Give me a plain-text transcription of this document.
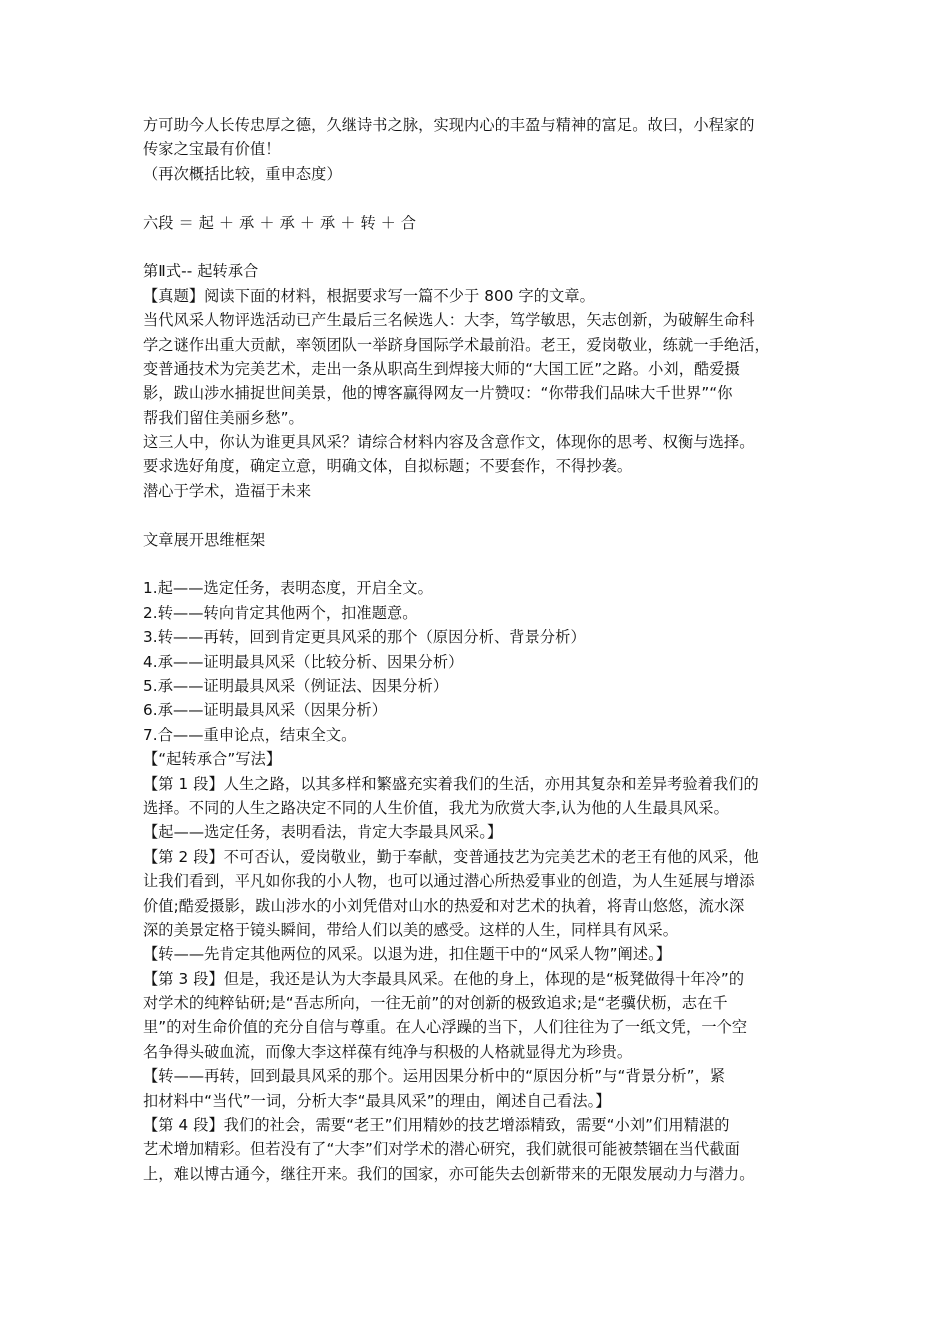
方可助今人长传忠厚之德，久继诗书之脉，实现内心的丰盈与精神的富足。故曰，小程家的
传家之宝最有价值！
（再次概括比较，重申态度）
六段 ＝ 起 ＋ 承 ＋ 承 ＋ 承 ＋ 转 ＋ 合
第Ⅱ式-- 起转承合
【真题】阅读下面的材料，根据要求写一篇不少于 800 字的文章。
当代风采人物评选活动已产生最后三名候选人：大李，笃学敏思，矢志创新，为破解生命科
学之谜作出重大贡献，率领团队一举跻身国际学术最前沿。老王，爱岗敬业，练就一手绝活，
变普通技术为完美艺术，走出一条从职高生到焊接大师的“大国工匠”之路。小刘，酷爱摄
影，跋山涉水捕捉世间美景，他的博客赢得网友一片赞叹：“你带我们品味大千世界”“你
帮我们留住美丽乡愁”。
这三人中，你认为谁更具风采？请综合材料内容及含意作文，体现你的思考、权衡与选择。
要求选好角度，确定立意，明确文体，自拟标题；不要套作，不得抄袭。
潜心于学术，造福于未来
文章展开思维框架
1.起——选定任务，表明态度，开启全文。
2.转——转向肯定其他两个，扣准题意。
3.转——再转，回到肯定更具风采的那个（原因分析、背景分析）
4.承——证明最具风采（比较分析、因果分析）
5.承——证明最具风采（例证法、因果分析）
6.承——证明最具风采（因果分析）
7.合——重申论点，结束全文。
【“起转承合”写法】
【第 1 段】人生之路，以其多样和繁盛充实着我们的生活，亦用其复杂和差异考验着我们的
选择。不同的人生之路决定不同的人生价值，我尤为欣赏大李,认为他的人生最具风采。
【起——选定任务，表明看法，肯定大李最具风采。】
【第 2 段】不可否认，爱岗敬业，勤于奉献，变普通技艺为完美艺术的老王有他的风采，他
让我们看到，平凡如你我的小人物，也可以通过潜心所热爱事业的创造，为人生延展与增添
价值;酷爱摄影，跋山涉水的小刘凭借对山水的热爱和对艺术的执着，将青山悠悠，流水深
深的美景定格于镜头瞬间，带给人们以美的感受。这样的人生，同样具有风采。
【转——先肯定其他两位的风采。以退为进，扣住题干中的“风采人物”阐述。】
【第 3 段】但是，我还是认为大李最具风采。在他的身上，体现的是“板凳做得十年冷”的
对学术的纯粹钻研;是“吾志所向，一往无前”的对创新的极致追求;是“老骥伏枥，志在千
里”的对生命价值的充分自信与尊重。在人心浮躁的当下，人们往往为了一纸文凭，一个空
名争得头破血流，而像大李这样葆有纯净与积极的人格就显得尤为珍贵。
【转——再转，回到最具风采的那个。运用因果分析中的“原因分析”与“背景分析”，紧
扣材料中“当代”一词，分析大李“最具风采”的理由，阐述自己看法。】
【第 4 段】我们的社会，需要“老王”们用精妙的技艺增添精致，需要“小刘”们用精湛的
艺术增加精彩。但若没有了“大李”们对学术的潜心研究，我们就很可能被禁锢在当代截面
上，难以博古通今，继往开来。我们的国家，亦可能失去创新带来的无限发展动力与潜力。
